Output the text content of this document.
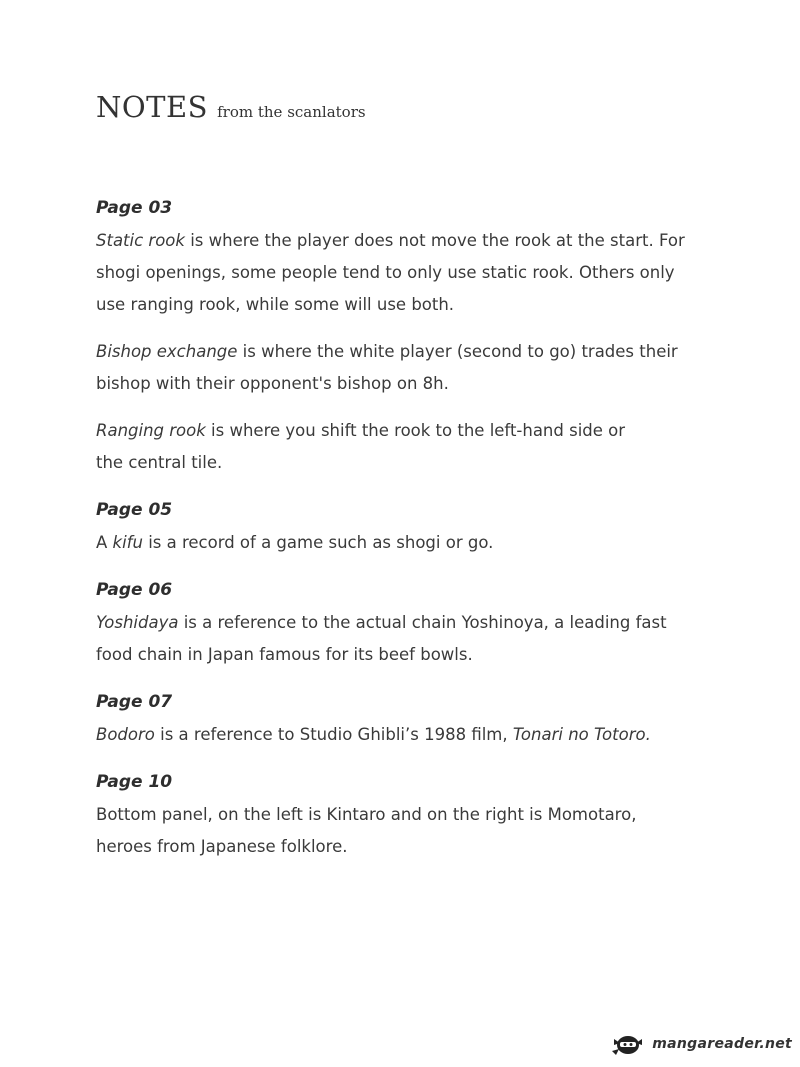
NOTES from the scanlators
Page 03

Static rook is where the player does not move the rook at the start. For shogi openings, some people tend to only use static rook. Others only use ranging rook, while some will use both.

Bishop exchange is where the white player (second to go) trades their bishop with their opponent's bishop on 8h.

Ranging rook is where you shift the rook to the left-hand side or the central tile.

Page 05

A kifu is a record of a game such as shogi or go.

Page 06

Yoshidaya is a reference to the actual chain Yoshinoya, a leading fast food chain in Japan famous for its beef bowls.

Page 07

Bodoro is a reference to Studio Ghibli’s 1988 film, Tonari no Totoro.

Page 10

Bottom panel, on the left is Kintaro and on the right is Momotaro, heroes from Japanese folklore.

mangareader.net
